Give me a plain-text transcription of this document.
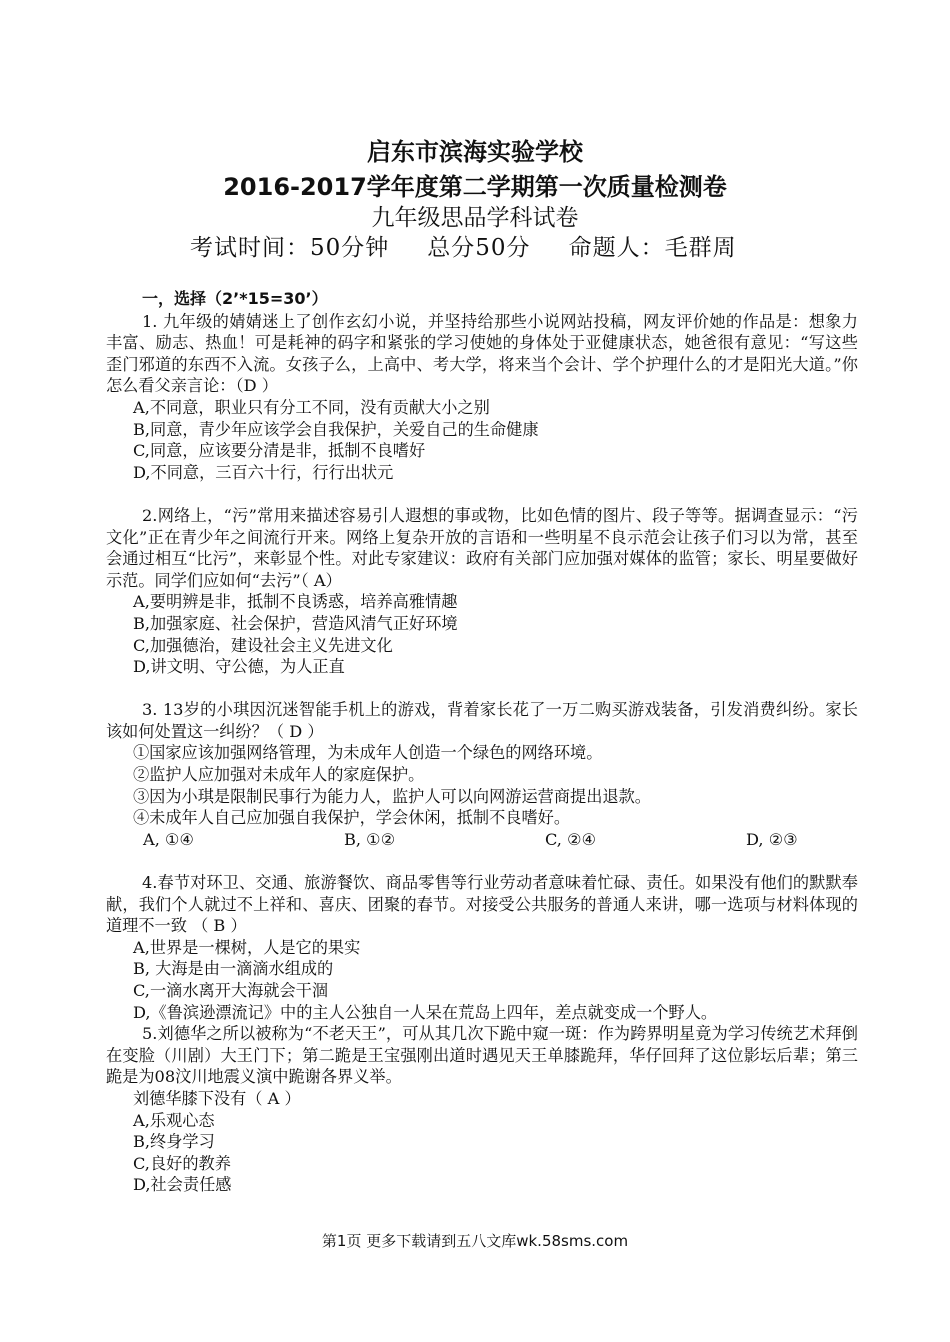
启东市滨海实验学校
2016-2017学年度第二学期第一次质量检测卷
九年级思品学科试卷
考试时间：50分钟 总分50分 命题人：毛群周
一，选择（2’*15=30’）

1. 九年级的婧婧迷上了创作玄幻小说，并坚持给那些小说网站投稿，网友评价她的作品是：想象力丰富、励志、热血！可是耗神的码字和紧张的学习使她的身体处于亚健康状态，她爸很有意见：“写这些歪门邪道的东西不入流。女孩子么，上高中、考大学，将来当个会计、学个护理什么的才是阳光大道。”你怎么看父亲言论：（D ）

A,不同意，职业只有分工不同，没有贡献大小之别

B,同意，青少年应该学会自我保护，关爱自己的生命健康

C,同意，应该要分清是非，抵制不良嗜好

D,不同意，三百六十行，行行出状元

2.网络上，“污”常用来描述容易引人遐想的事或物，比如色情的图片、段子等等。据调查显示：“污文化”正在青少年之间流行开来。网络上复杂开放的言语和一些明星不良示范会让孩子们习以为常，甚至会通过相互“比污”，来彰显个性。对此专家建议：政府有关部门应加强对媒体的监管；家长、明星要做好示范。同学们应如何“去污”（ A）

A,要明辨是非，抵制不良诱惑，培养高雅情趣

B,加强家庭、社会保护，营造风清气正好环境

C,加强德治，建设社会主义先进文化

D,讲文明、守公德，为人正直

3. 13岁的小琪因沉迷智能手机上的游戏，背着家长花了一万二购买游戏装备，引发消费纠纷。家长该如何处置这一纠纷？（ D ）

①国家应该加强网络管理，为未成年人创造一个绿色的网络环境。

②监护人应加强对未成年人的家庭保护。

③因为小琪是限制民事行为能力人，监护人可以向网游运营商提出退款。

④未成年人自己应加强自我保护，学会休闲，抵制不良嗜好。

A, ①④	B, ①②	C, ②④	D, ②③

4.春节对环卫、交通、旅游餐饮、商品零售等行业劳动者意味着忙碌、责任。如果没有他们的默默奉献，我们个人就过不上祥和、喜庆、团聚的春节。对接受公共服务的普通人来讲，哪一选项与材料体现的道理不一致 （ B ）

A,世界是一棵树，人是它的果实

B, 大海是由一滴滴水组成的

C,一滴水离开大海就会干涸

D,《鲁滨逊漂流记》中的主人公独自一人呆在荒岛上四年，差点就变成一个野人。

5.刘德华之所以被称为“不老天王”，可从其几次下跪中窥一斑：作为跨界明星竟为学习传统艺术拜倒在变脸（川剧）大王门下；第二跪是王宝强刚出道时遇见天王单膝跪拜，华仔回拜了这位影坛后辈；第三跪是为08汶川地震义演中跪谢各界义举。

刘德华膝下没有（ A ）

A,乐观心态

B,终身学习

C,良好的教养

D,社会责任感

第1页 更多下载请到五八文库wk.58sms.com
